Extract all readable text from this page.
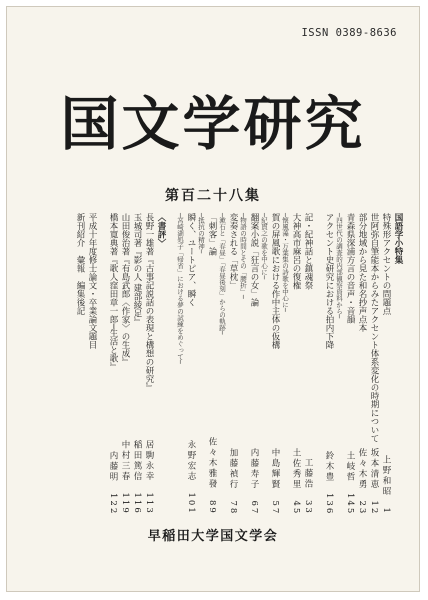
ISSN 0389-8636
国文学研究
第百二十八集
国語学小特集
特殊形アクセントの問題点
上野和昭　1
世阿弥自筆能本からみたアクセント体系変化の時期について
坂本清恵　12
部分地域から見た和名抄声点本
佐々木勇　23
青森県深浦方言の音声・音韻
土岐哲　145
─四世代の調査的内部観察資料から─
アクセント史研究における拍内下降
鈴木豊　136
記・紀神話と鎮魂祭
工藤浩　33
大神高市麻呂の復権
土佐秀里　45
─懐風藻・万葉集の詩歌を中心に─
賀の屏風歌における作中主体の仮構
中島輝賢　57
─紀貫之の歌を中心に─
翻案小説「狂言の女」論
内藤寿子　67
─物語の時間とその「腰折」─
変奏される「草枕」
加藤禎行　78
─漱石と「春昼」「春昼後刻」からの軌跡─
「刺客」論
佐々木雅發　89
─抵抗の精神─
瞬く、ユートピア、瞬く
永野宏志　101
─宮崎湖処子「帰省」における夢の試練をめぐって─
〈書評〉
長野一雄著『古事記説話の表現と構想の研究』
居駒永幸　113
玉城司著『影の人 建部綾足』
稲田篤信　116
山田俊治著『有島武郎〈作家〉の生成』
中村三春　119
橋本寛典著『歌人窪田章一郎─生活と歌』
内藤明　122
平成十年度修士論文・卒業論文題目
新刊紹介　彙報　編集後記
早稲田大学国文学会
